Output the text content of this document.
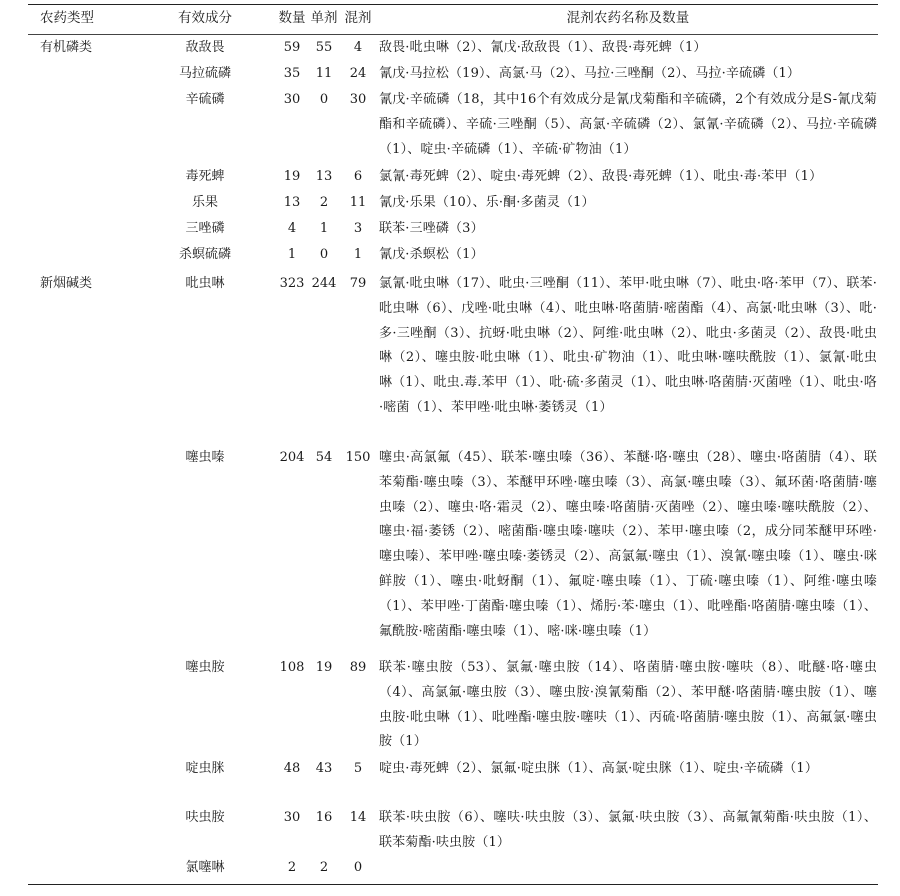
农药类型	有效成分	数量 单剂 混剂	混剂农药名称及数量
有机磷类	敌敌畏	59	55	4	敌畏·吡虫啉（2）、氰戊·敌敌畏（1）、敌畏·毒死蜱（1）
马拉硫磷	35	11	24 氰戊·马拉松（19）、高氯·马（2）、马拉·三唑酮（2）、马拉·辛硫磷（1）
辛硫磷	30	0	30 氰戊·辛硫磷（18，其中16个有效成分是氰戊菊酯和辛硫磷，2个有效成分是S-氰戊菊酯和辛硫磷）、辛硫·三唑酮（5）、高氯·辛硫磷（2）、氯氰·辛硫磷（2）、马拉·辛硫磷（1）、啶虫·辛硫磷（1）、辛硫·矿物油（1）
毒死蜱	19	13	6	氯氰·毒死蜱（2）、啶虫·毒死蜱（2）、敌畏·毒死蜱（1）、吡虫·毒·苯甲（1）
乐果	13	2	11 氰戊·乐果（10）、乐·酮·多菌灵（1）
三唑磷	4	1	3	联苯·三唑磷（3）
杀螟硫磷	1	0	1	氰戊·杀螟松（1）
新烟碱类	吡虫啉	323 244	79 氯氰·吡虫啉（17）、吡虫·三唑酮（11）、苯甲·吡虫啉（7）、吡虫·咯·苯甲（7）、联苯·吡虫啉（6）、戊唑·吡虫啉（4）、吡虫啉·咯菌腈·嘧菌酯（4）、高氯·吡虫啉（3）、吡·多·三唑酮（3）、抗蚜·吡虫啉（2）、阿维·吡虫啉（2）、吡虫·多菌灵（2）、敌畏·吡虫啉（2）、噻虫胺·吡虫啉（1）、吡虫·矿物油（1）、吡虫啉·噻呋酰胺（1）、氯氰·吡虫啉（1）、吡虫.毒.苯甲（1）、吡·硫·多菌灵（1）、吡虫啉·咯菌腈·灭菌唑（1）、吡虫·咯·嘧菌（1）、苯甲唑·吡虫啉·萎锈灵（1）
噻虫嗪	204 54	150 噻虫·高氯氟（45）、联苯·噻虫嗪（36）、苯醚·咯·噻虫（28）、噻虫·咯菌腈（4）、联苯菊酯·噻虫嗪（3）、苯醚甲环唑·噻虫嗪（3）、高氯·噻虫嗪（3）、氟环菌·咯菌腈·噻虫嗪（2）、噻虫·咯·霜灵（2）、噻虫嗪·咯菌腈·灭菌唑（2）、噻虫嗪·噻呋酰胺（2）、噻虫·福·萎锈（2）、嘧菌酯·噻虫嗪·噻呋（2）、苯甲·噻虫嗪（2，成分同苯醚甲环唑·噻虫嗪）、苯甲唑·噻虫嗪·萎锈灵（2）、高氯氟·噻虫（1）、溴氰·噻虫嗪（1）、噻虫·咪鲜胺（1）、噻虫·吡蚜酮（1）、氟啶·噻虫嗪（1）、丁硫·噻虫嗪（1）、阿维·噻虫嗪（1）、苯甲唑·丁菌酯·噻虫嗪（1）、烯肟·苯·噻虫（1）、吡唑酯·咯菌腈·噻虫嗪（1）、氟酰胺·嘧菌酯·噻虫嗪（1）、嘧·咪·噻虫嗪（1）
噻虫胺	108 19	89 联苯·噻虫胺（53）、氯氟·噻虫胺（14）、咯菌腈·噻虫胺·噻呋（8）、吡醚·咯·噻虫（4）、高氯氟·噻虫胺（3）、噻虫胺·溴氰菊酯（2）、苯甲醚·咯菌腈·噻虫胺（1）、噻虫胺·吡虫啉（1）、吡唑酯·噻虫胺·噻呋（1）、丙硫·咯菌腈·噻虫胺（1）、高氟氯·噻虫胺（1）
啶虫脒	48	43	5	啶虫·毒死蜱（2）、氯氟·啶虫脒（1）、高氯·啶虫脒（1）、啶虫·辛硫磷（1）
呋虫胺	30	16	14 联苯·呋虫胺（6）、噻呋·呋虫胺（3）、氯氟·呋虫胺（3）、高氟氰菊酯·呋虫胺（1）、联苯菊酯·呋虫胺（1）
氯噻啉	2	2	0
